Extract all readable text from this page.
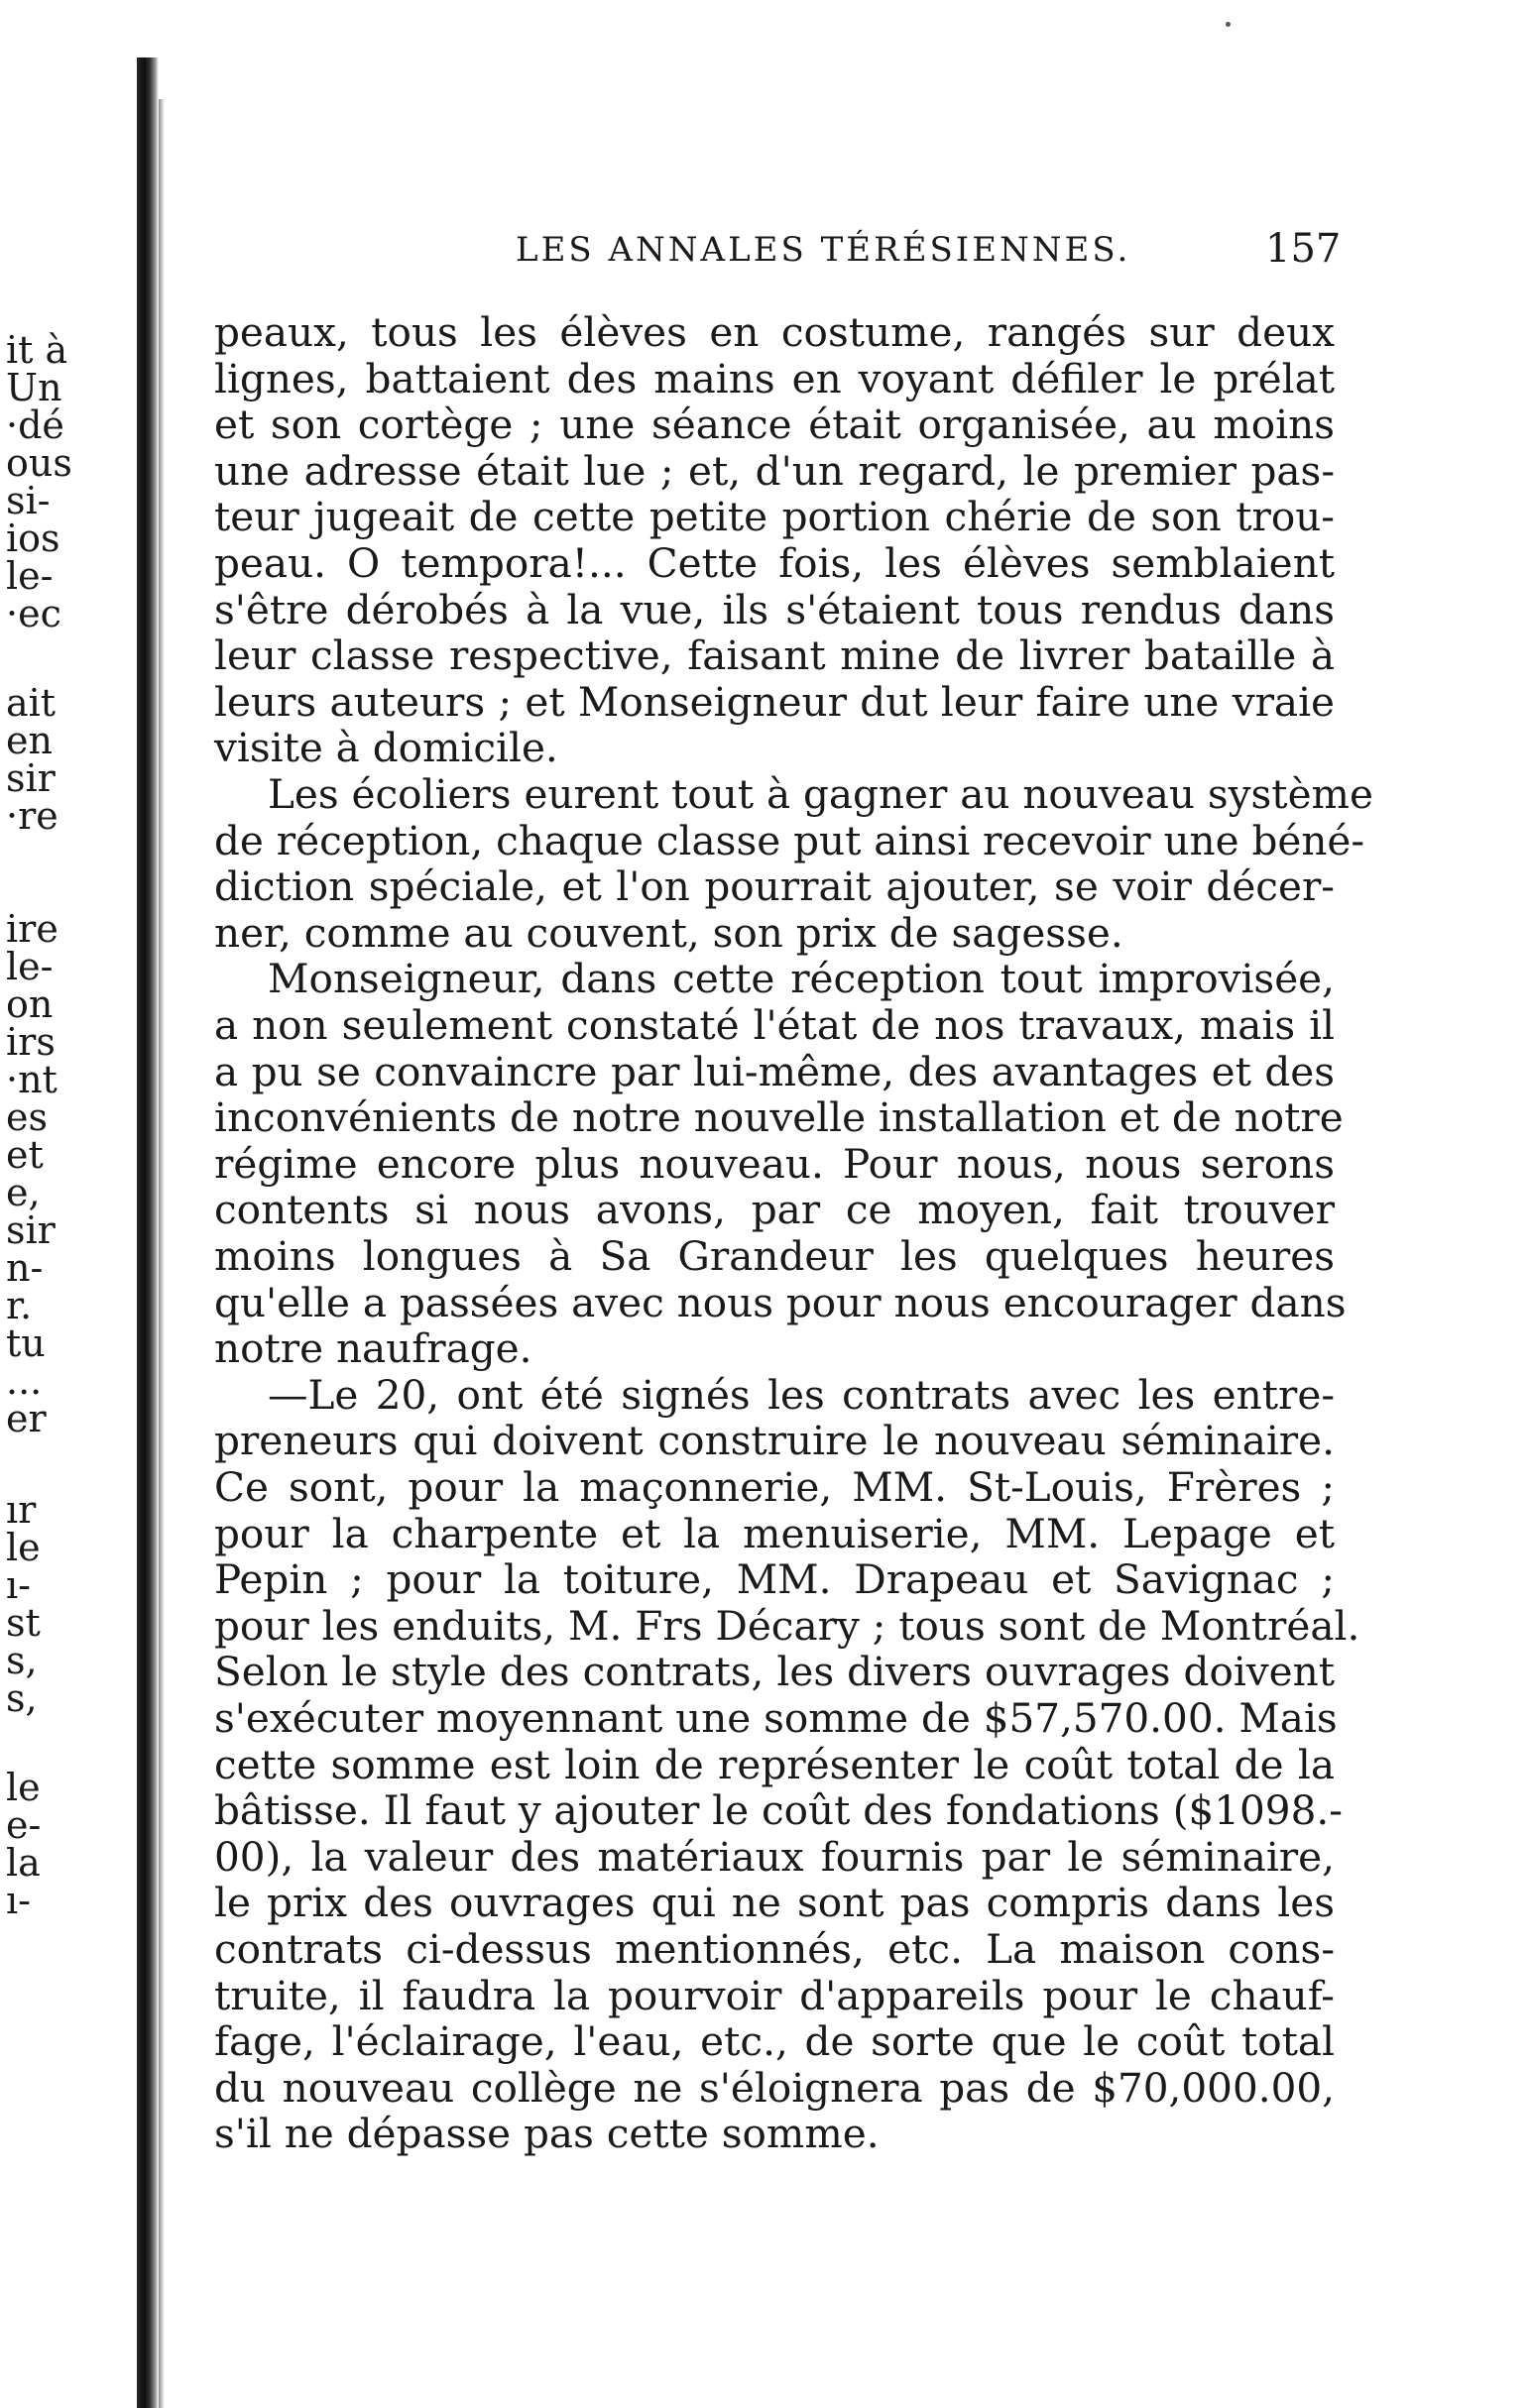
it à
Un
·dé
ous
si-
ios
le-
·ec
ait
en
sir
·re
ire
le-
on
irs
·nt
es
et
e,
sir
n-
r.
tu
...
er
ır
le
ı-
st
s,
s,
le
e-
la
ı-
LES ANNALES TÉRÉSIENNES.	157
peaux, tous les élèves en costume, rangés sur deux
lignes, battaient des mains en voyant défiler le prélat
et son cortège ; une séance était organisée, au moins
une adresse était lue ; et, d'un regard, le premier pas-
teur jugeait de cette petite portion chérie de son trou-
peau. O tempora!... Cette fois, les élèves semblaient
s'être dérobés à la vue, ils s'étaient tous rendus dans
leur classe respective, faisant mine de livrer bataille à
leurs auteurs ; et Monseigneur dut leur faire une vraie
visite à domicile.
Les écoliers eurent tout à gagner au nouveau système
de réception, chaque classe put ainsi recevoir une béné-
diction spéciale, et l'on pourrait ajouter, se voir décer-
ner, comme au couvent, son prix de sagesse.
Monseigneur, dans cette réception tout improvisée,
a non seulement constaté l'état de nos travaux, mais il
a pu se convaincre par lui-même, des avantages et des
inconvénients de notre nouvelle installation et de notre
régime encore plus nouveau. Pour nous, nous serons
contents si nous avons, par ce moyen, fait trouver
moins longues à Sa Grandeur les quelques heures
qu'elle a passées avec nous pour nous encourager dans
notre naufrage.
—Le 20, ont été signés les contrats avec les entre-
preneurs qui doivent construire le nouveau séminaire.
Ce sont, pour la maçonnerie, MM. St-Louis, Frères ;
pour la charpente et la menuiserie, MM. Lepage et
Pepin ; pour la toiture, MM. Drapeau et Savignac ;
pour les enduits, M. Frs Décary ; tous sont de Montréal.
Selon le style des contrats, les divers ouvrages doivent
s'exécuter moyennant une somme de $57,570.00. Mais
cette somme est loin de représenter le coût total de la
bâtisse. Il faut y ajouter le coût des fondations ($1098.-
00), la valeur des matériaux fournis par le séminaire,
le prix des ouvrages qui ne sont pas compris dans les
contrats ci-dessus mentionnés, etc. La maison cons-
truite, il faudra la pourvoir d'appareils pour le chauf-
fage, l'éclairage, l'eau, etc., de sorte que le coût total
du nouveau collège ne s'éloignera pas de $70,000.00,
s'il ne dépasse pas cette somme.
